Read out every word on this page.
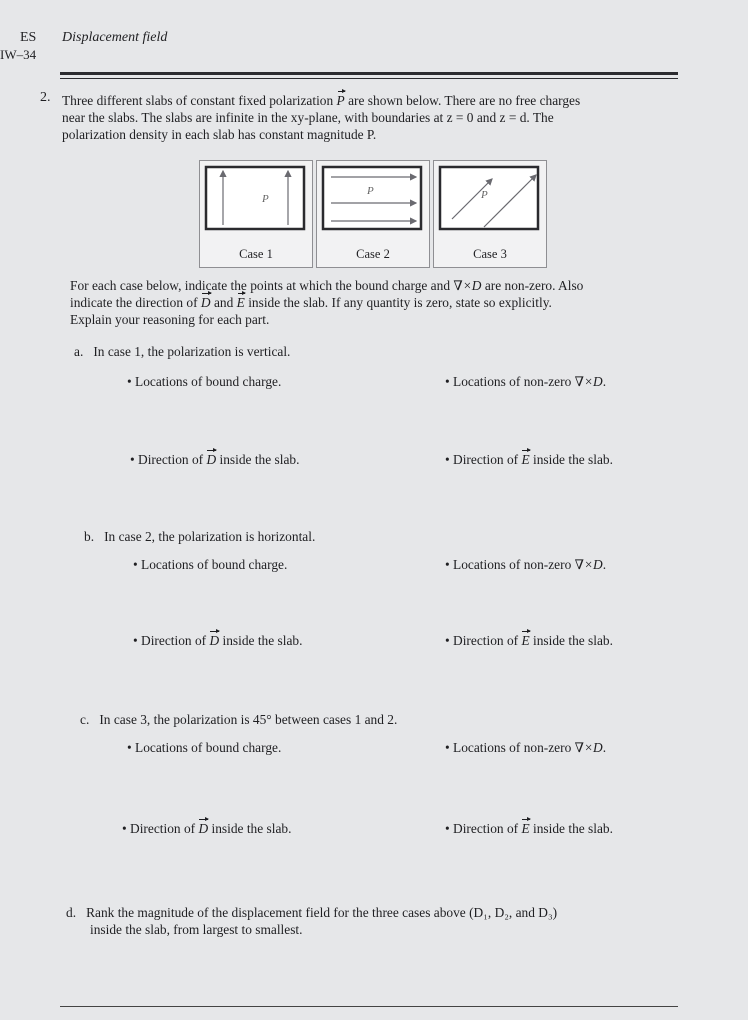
ES Displacement field
IW–34
2. Three different slabs of constant fixed polarization P are shown below. There are no free charges
near the slabs. The slabs are infinite in the xy-plane, with boundaries at z = 0 and z = d. The
polarization density in each slab has constant magnitude P.
P
Case 1
P
Case 2
P
Case 3
For each case below, indicate the points at which the bound charge and ∇×D are non-zero. Also
indicate the direction of D and E inside the slab. If any quantity is zero, state so explicitly.
Explain your reasoning for each part.
a. In case 1, the polarization is vertical.
• Locations of bound charge.	• Locations of non-zero ∇×D.
• Direction of D inside the slab.	• Direction of E inside the slab.
b. In case 2, the polarization is horizontal.
• Locations of bound charge.	• Locations of non-zero ∇×D.
• Direction of D inside the slab.	• Direction of E inside the slab.
c. In case 3, the polarization is 45° between cases 1 and 2.
• Locations of bound charge.	• Locations of non-zero ∇×D.
• Direction of D inside the slab.	• Direction of E inside the slab.
d. Rank the magnitude of the displacement field for the three cases above (D₁, D₂, and D₃)
inside the slab, from largest to smallest.
